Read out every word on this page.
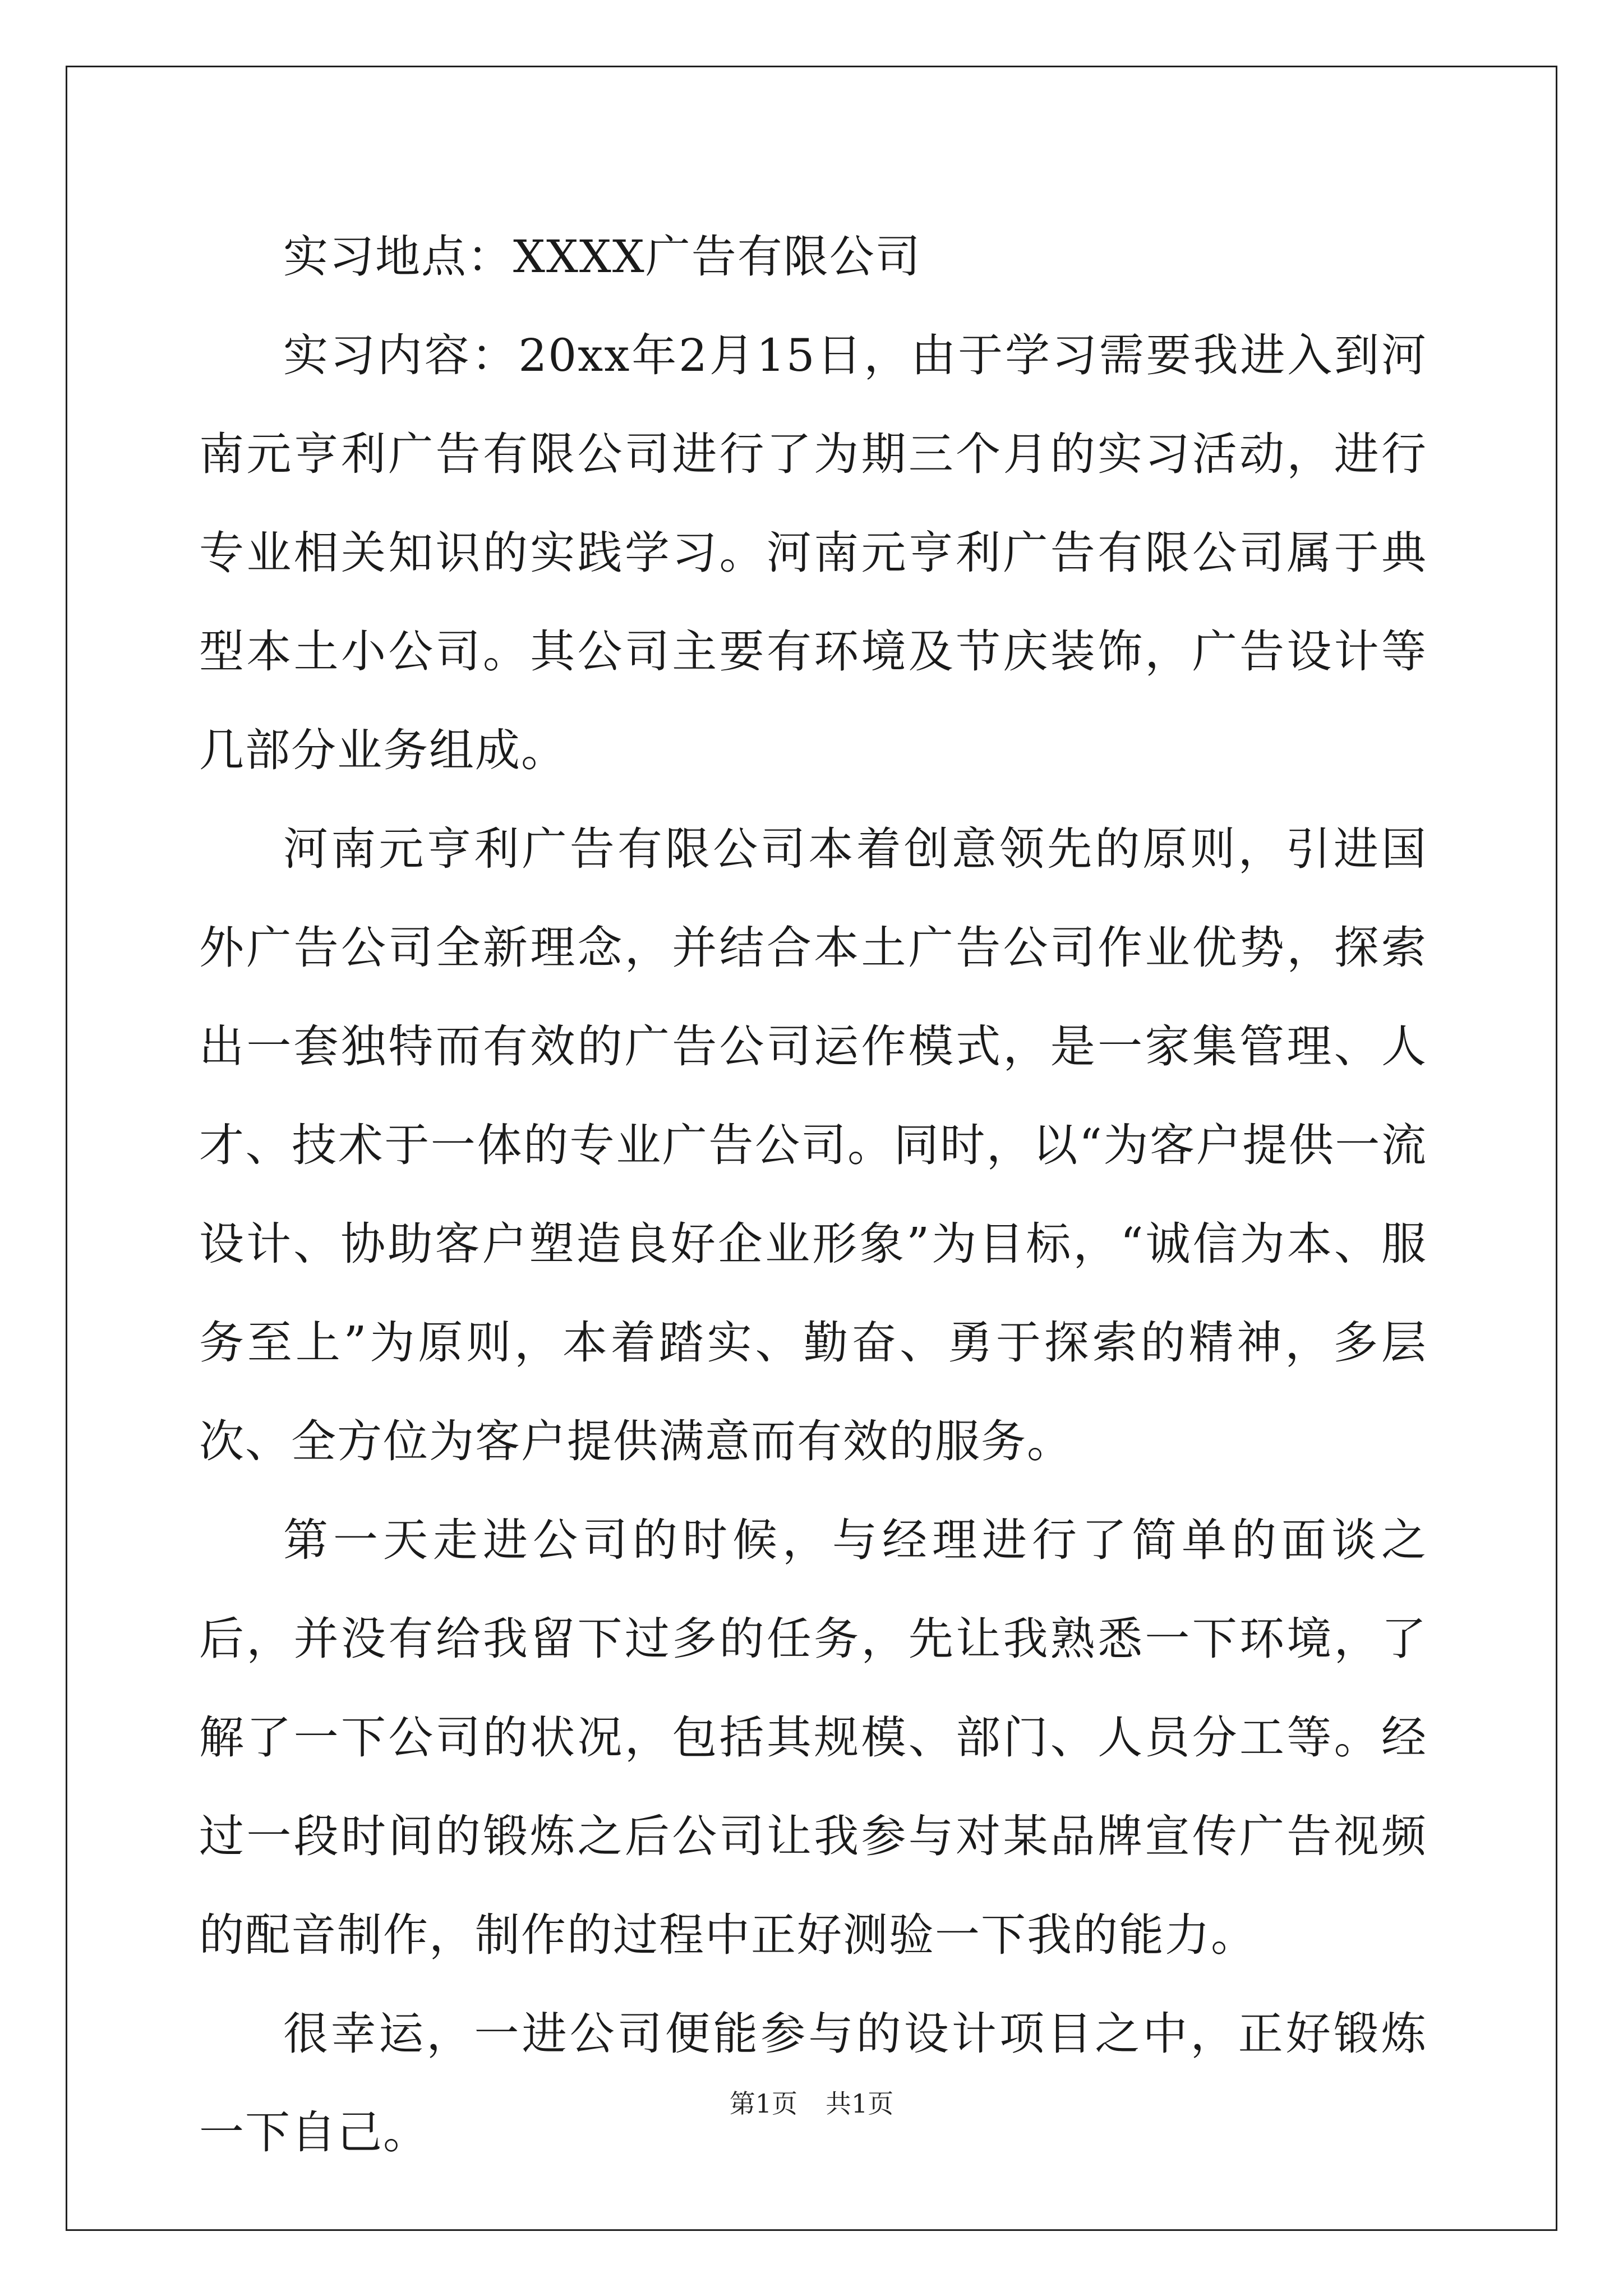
实习地点：XXXX广告有限公司

实习内容：20xx年2月15日，由于学习需要我进入到河南元亨利广告有限公司进行了为期三个月的实习活动，进行专业相关知识的实践学习。河南元亨利广告有限公司属于典型本土小公司。其公司主要有环境及节庆装饰，广告设计等几部分业务组成。

河南元亨利广告有限公司本着创意领先的原则，引进国外广告公司全新理念，并结合本土广告公司作业优势，探索出一套独特而有效的广告公司运作模式，是一家集管理、人才、技术于一体的专业广告公司。同时，以“为客户提供一流设计、协助客户塑造良好企业形象”为目标，“诚信为本、服务至上”为原则，本着踏实、勤奋、勇于探索的精神，多层次、全方位为客户提供满意而有效的服务。

第一天走进公司的时候，与经理进行了简单的面谈之后，并没有给我留下过多的任务，先让我熟悉一下环境，了解了一下公司的状况，包括其规模、部门、人员分工等。经过一段时间的锻炼之后公司让我参与对某品牌宣传广告视频的配音制作，制作的过程中正好测验一下我的能力。

很幸运，一进公司便能参与的设计项目之中，正好锻炼一下自己。

第1页 共1页
